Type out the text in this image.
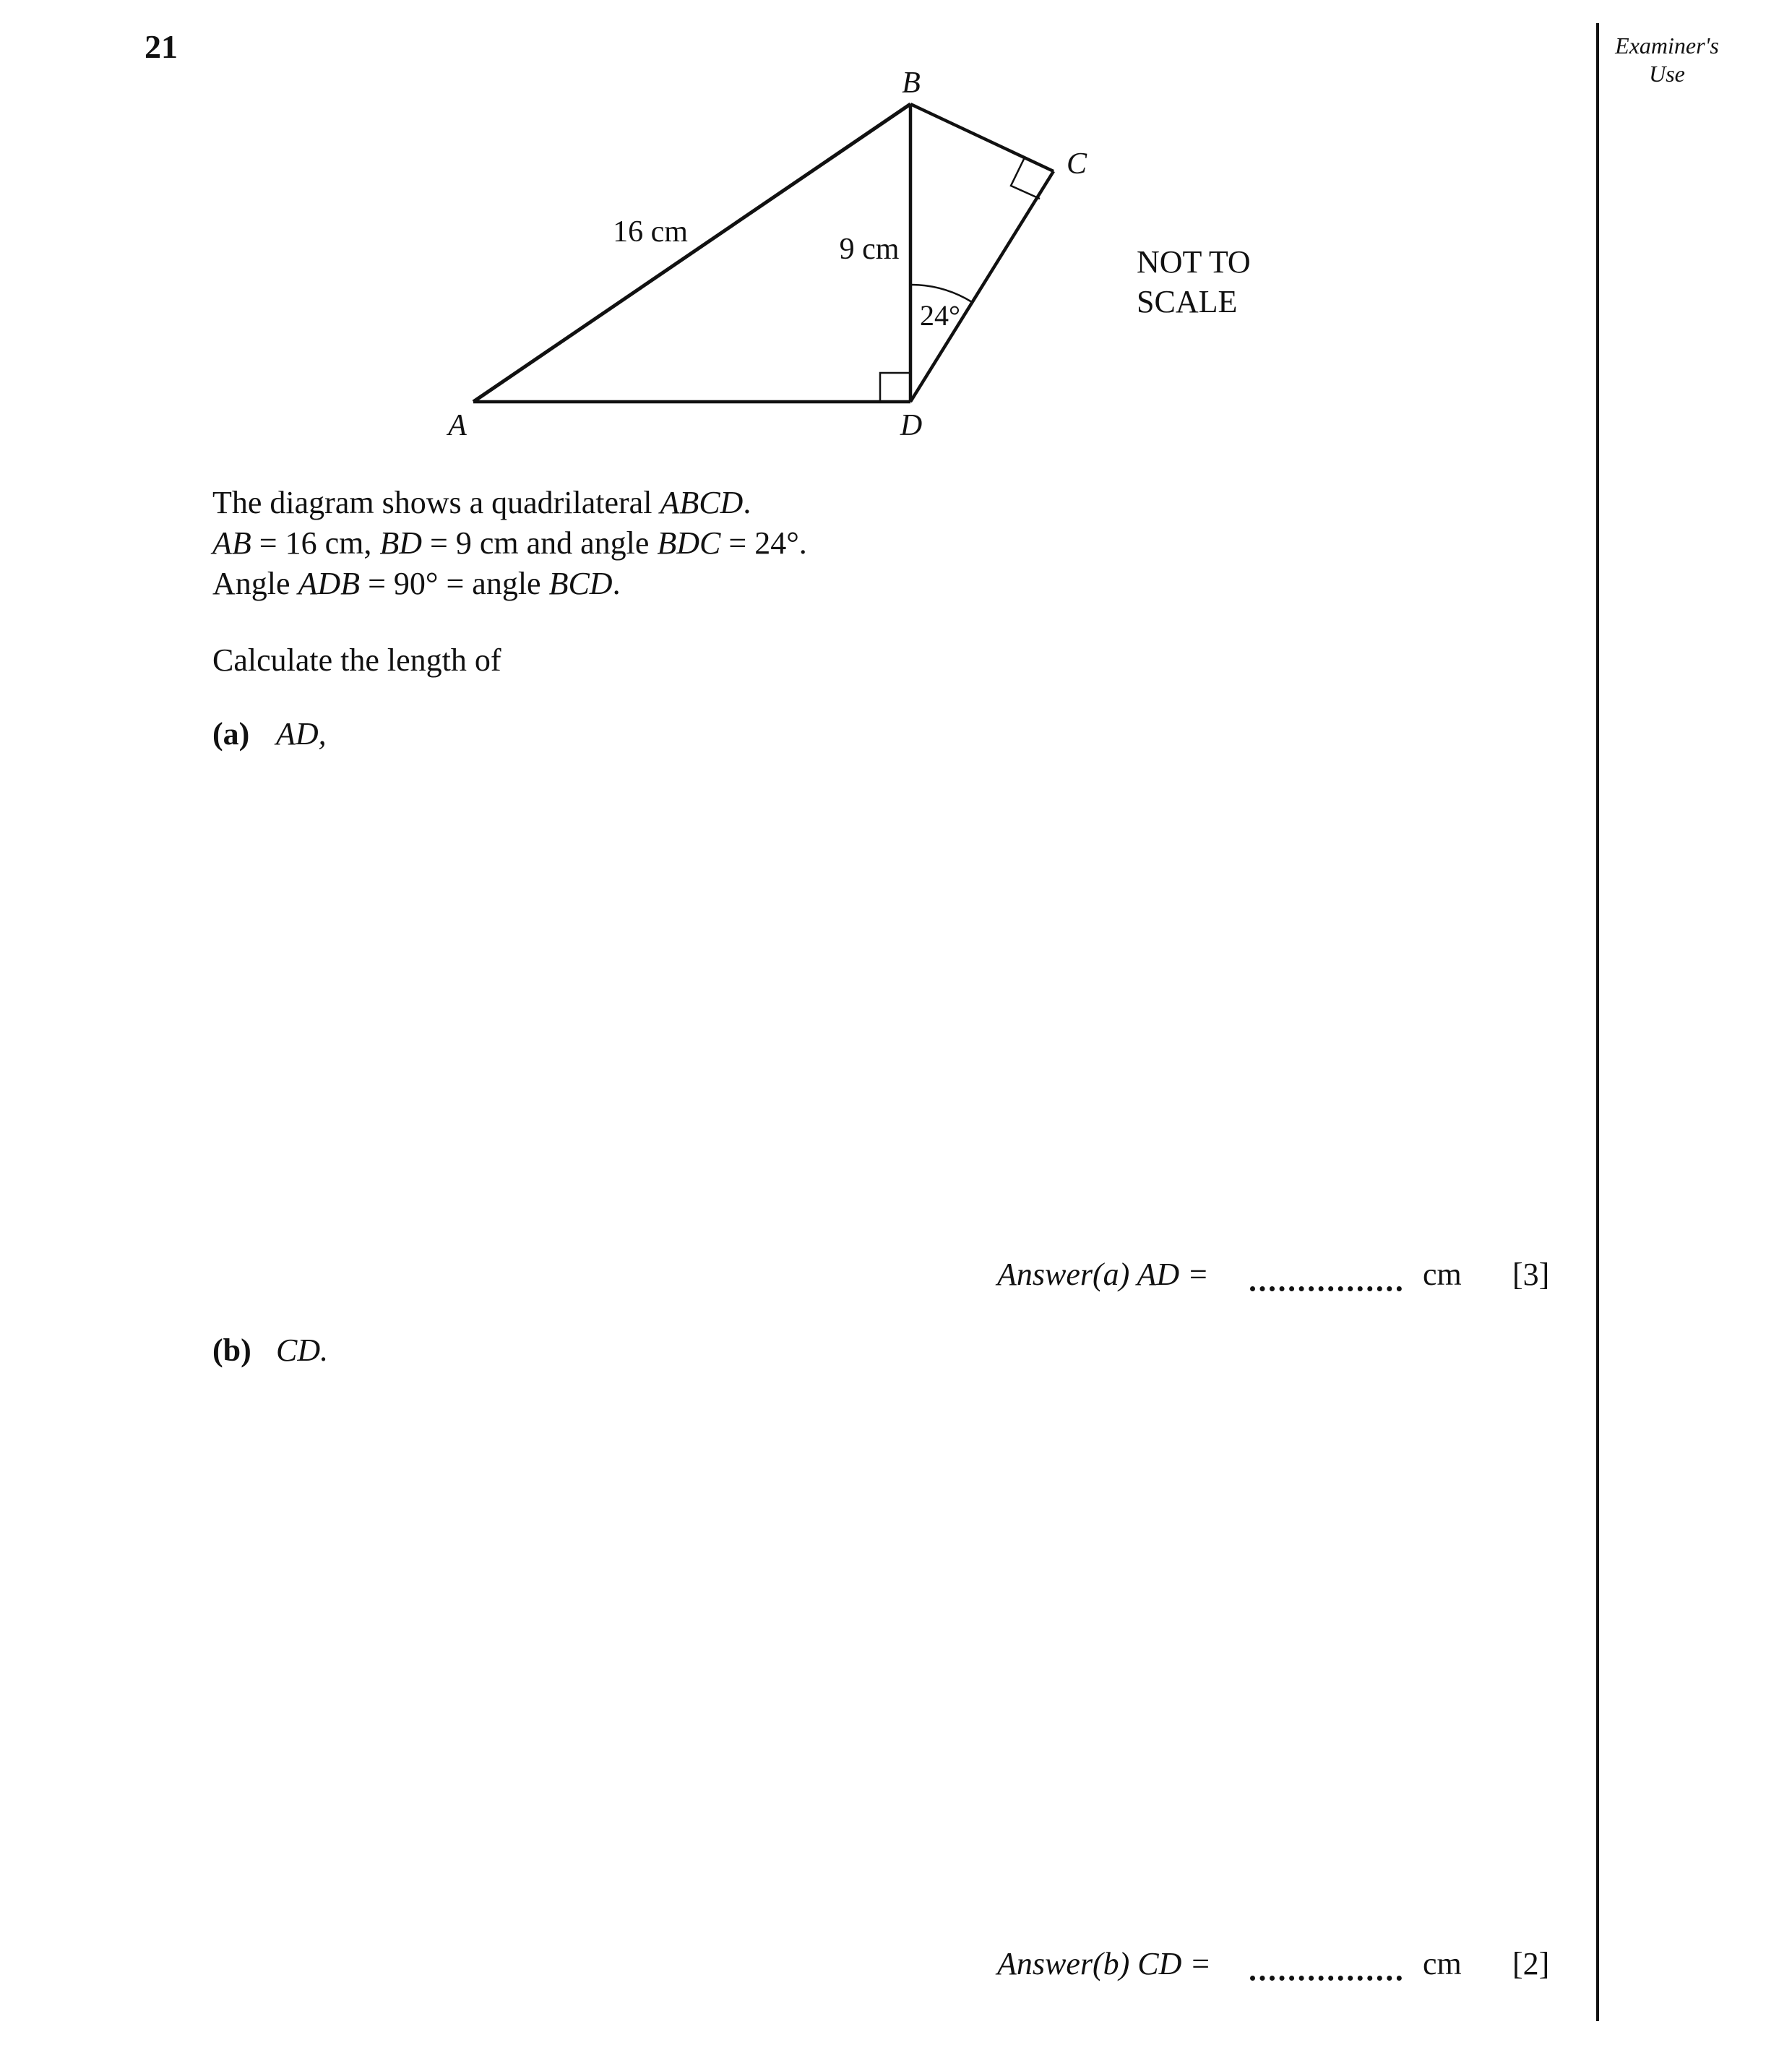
21	Examiner's
Use
B
C
A	D
16 cm
9 cm
24°
NOT TO
SCALE
The diagram shows a quadrilateral ABCD.
AB = 16 cm, BD = 9 cm and angle BDC = 24°.
Angle ADB = 90° = angle BCD.
Calculate the length of
(a) AD,
Answer(a) AD =	cm [3]
(b) CD.
Answer(b) CD =	cm [2]
